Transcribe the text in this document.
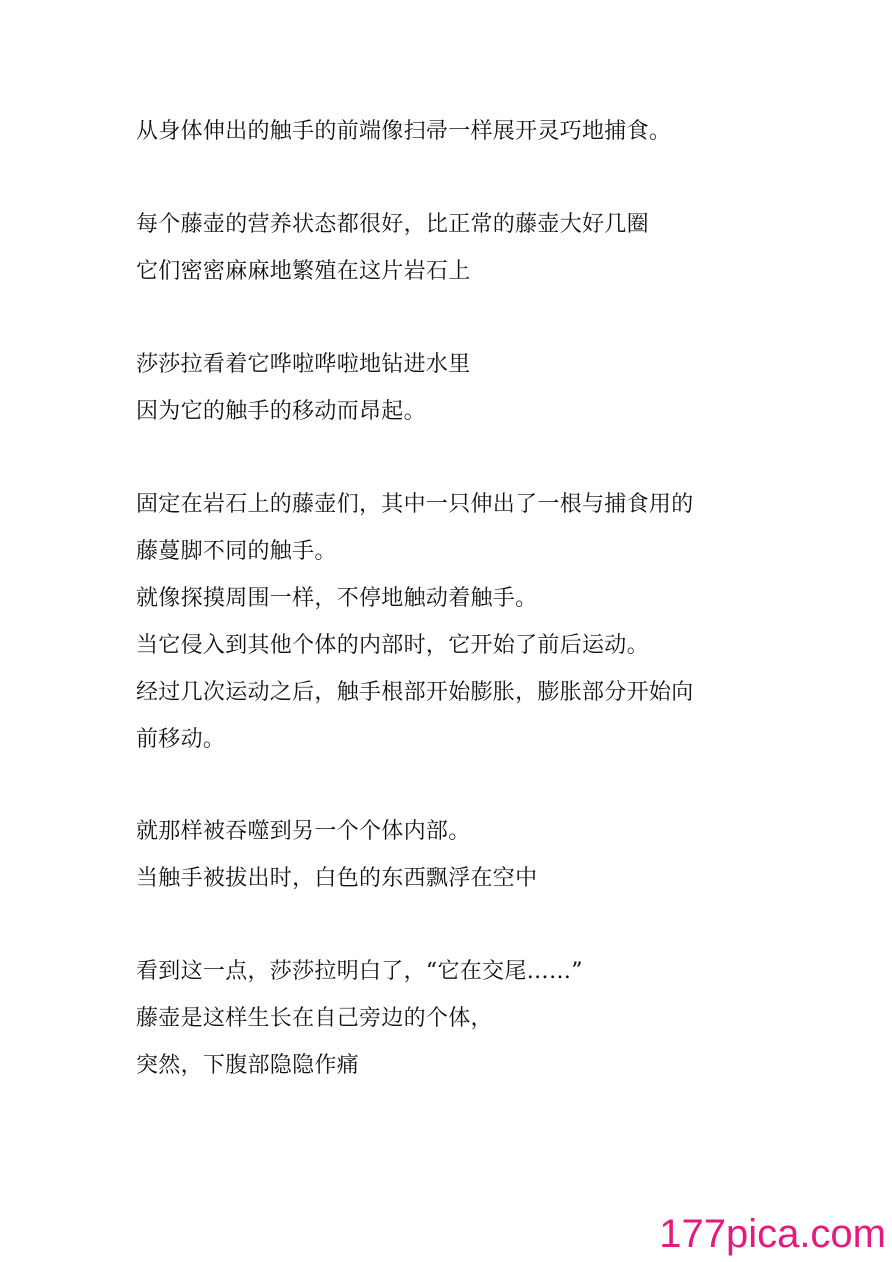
从身体伸出的触手的前端像扫帚一样展开灵巧地捕食。
每个藤壶的营养状态都很好，比正常的藤壶大好几圈
它们密密麻麻地繁殖在这片岩石上
莎莎拉看着它哗啦哗啦地钻进水里
因为它的触手的移动而昂起。
固定在岩石上的藤壶们，其中一只伸出了一根与捕食用的
藤蔓脚不同的触手。
就像探摸周围一样，不停地触动着触手。
当它侵入到其他个体的内部时，它开始了前后运动。
经过几次运动之后，触手根部开始膨胀，膨胀部分开始向
前移动。
就那样被吞噬到另一个个体内部。
当触手被拔出时，白色的东西飘浮在空中
看到这一点，莎莎拉明白了，“它在交尾……”
藤壶是这样生长在自己旁边的个体，
突然，下腹部隐隐作痛
177pica.com
